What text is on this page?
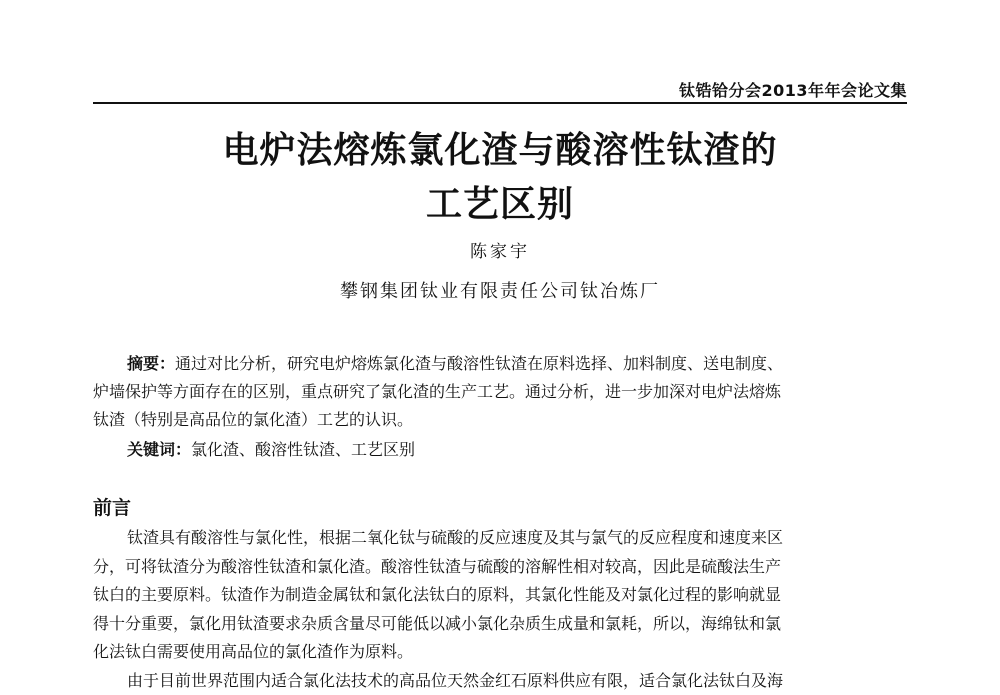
钛锆铪分会2013年年会论文集
电炉法熔炼氯化渣与酸溶性钛渣的
工艺区别
陈家宇
攀钢集团钛业有限责任公司钛冶炼厂
摘要：通过对比分析，研究电炉熔炼氯化渣与酸溶性钛渣在原料选择、加料制度、送电制度、
炉墙保护等方面存在的区别，重点研究了氯化渣的生产工艺。通过分析，进一步加深对电炉法熔炼
钛渣（特别是高品位的氯化渣）工艺的认识。
关键词：氯化渣、酸溶性钛渣、工艺区别
前言
钛渣具有酸溶性与氯化性，根据二氧化钛与硫酸的反应速度及其与氯气的反应程度和速度来区
分，可将钛渣分为酸溶性钛渣和氯化渣。酸溶性钛渣与硫酸的溶解性相对较高，因此是硫酸法生产
钛白的主要原料。钛渣作为制造金属钛和氯化法钛白的原料，其氯化性能及对氯化过程的影响就显
得十分重要，氯化用钛渣要求杂质含量尽可能低以减小氯化杂质生成量和氯耗，所以，海绵钛和氯
化法钛白需要使用高品位的氯化渣作为原料。
由于目前世界范围内适合氯化法技术的高品位天然金红石原料供应有限，适合氯化法钛白及海
